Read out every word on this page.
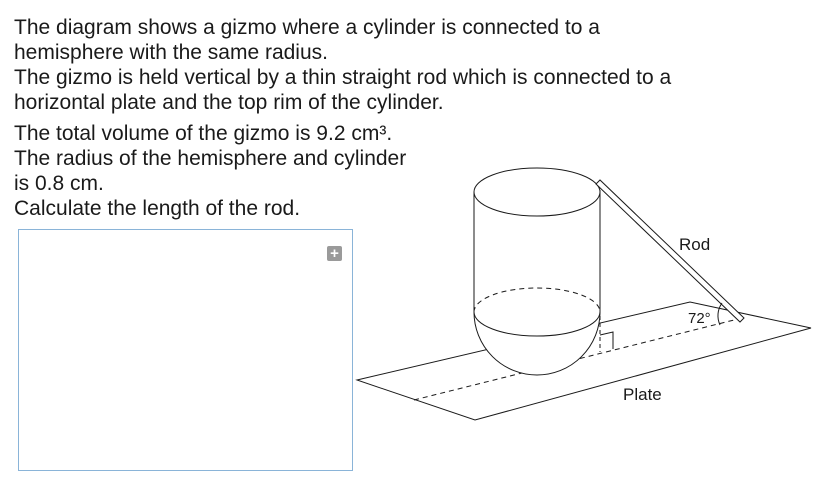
The diagram shows a gizmo where a cylinder is connected to a

hemisphere with the same radius.

The gizmo is held vertical by a thin straight rod which is connected to a

horizontal plate and the top rim of the cylinder.

The total volume of the gizmo is 9.2 cm³.

The radius of the hemisphere and cylinder

is 0.8 cm.

Calculate the length of the rod.

+	Rod
72°
Plate
